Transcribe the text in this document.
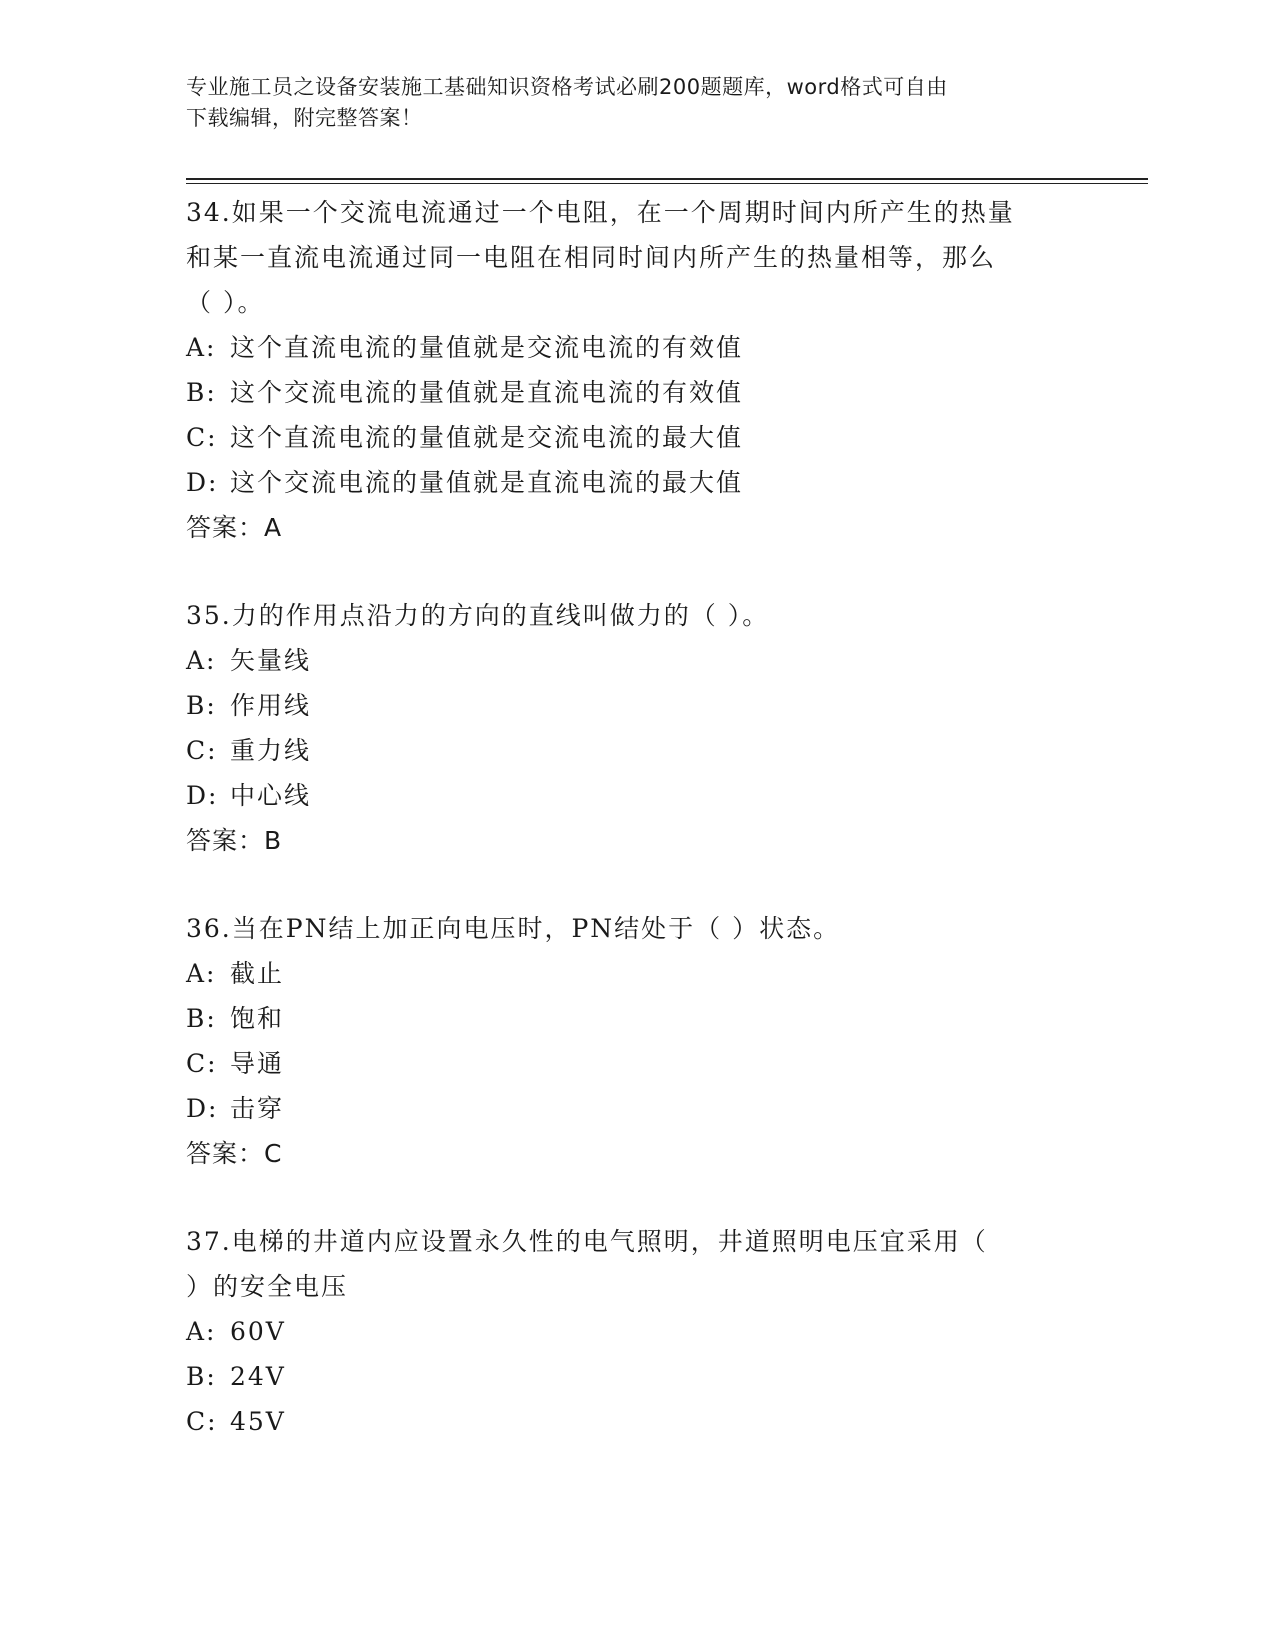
专业施工员之设备安装施工基础知识资格考试必刷200题题库，word格式可自由
下载编辑，附完整答案！
34.如果一个交流电流通过一个电阻，在一个周期时间内所产生的热量
和某一直流电流通过同一电阻在相同时间内所产生的热量相等，那么
（ ）。
A: 这个直流电流的量值就是交流电流的有效值
B: 这个交流电流的量值就是直流电流的有效值
C: 这个直流电流的量值就是交流电流的最大值
D: 这个交流电流的量值就是直流电流的最大值
答案：A
35.力的作用点沿力的方向的直线叫做力的（ ）。
A: 矢量线
B: 作用线
C: 重力线
D: 中心线
答案：B
36.当在PN结上加正向电压时，PN结处于（ ）状态。
A: 截止
B: 饱和
C: 导通
D: 击穿
答案：C
37.电梯的井道内应设置永久性的电气照明，井道照明电压宜采用（
）的安全电压
A: 60V
B: 24V
C: 45V
